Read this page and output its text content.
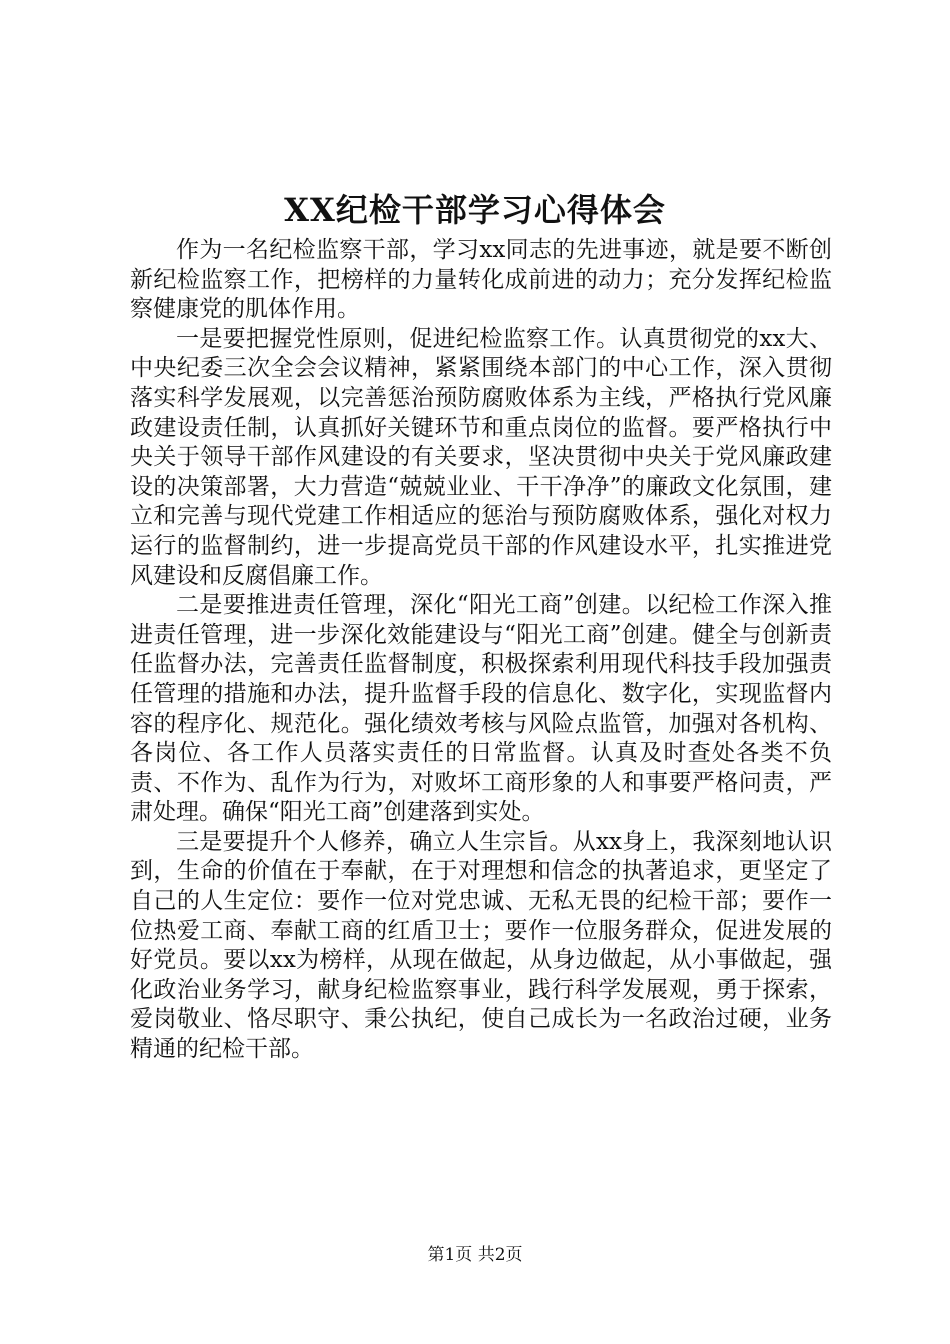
XX纪检干部学习心得体会

作为一名纪检监察干部，学习xx同志的先进事迹，就是要不断创新纪检监察工作，把榜样的力量转化成前进的动力；充分发挥纪检监察健康党的肌体作用。

一是要把握党性原则，促进纪检监察工作。认真贯彻党的xx大、中央纪委三次全会会议精神，紧紧围绕本部门的中心工作，深入贯彻落实科学发展观，以完善惩治预防腐败体系为主线，严格执行党风廉政建设责任制，认真抓好关键环节和重点岗位的监督。要严格执行中央关于领导干部作风建设的有关要求，坚决贯彻中央关于党风廉政建设的决策部署，大力营造“兢兢业业、干干净净”的廉政文化氛围，建立和完善与现代党建工作相适应的惩治与预防腐败体系，强化对权力运行的监督制约，进一步提高党员干部的作风建设水平，扎实推进党风建设和反腐倡廉工作。

二是要推进责任管理，深化“阳光工商”创建。以纪检工作深入推进责任管理，进一步深化效能建设与“阳光工商”创建。健全与创新责任监督办法，完善责任监督制度，积极探索利用现代科技手段加强责任管理的措施和办法，提升监督手段的信息化、数字化，实现监督内容的程序化、规范化。强化绩效考核与风险点监管，加强对各机构、各岗位、各工作人员落实责任的日常监督。认真及时查处各类不负责、不作为、乱作为行为，对败坏工商形象的人和事要严格问责，严肃处理。确保“阳光工商”创建落到实处。

三是要提升个人修养，确立人生宗旨。从xx身上，我深刻地认识到，生命的价值在于奉献，在于对理想和信念的执著追求，更坚定了自己的人生定位：要作一位对党忠诚、无私无畏的纪检干部；要作一位热爱工商、奉献工商的红盾卫士；要作一位服务群众，促进发展的好党员。要以xx为榜样，从现在做起，从身边做起，从小事做起，强化政治业务学习，献身纪检监察事业，践行科学发展观，勇于探索，爱岗敬业、恪尽职守、秉公执纪，使自己成长为一名政治过硬，业务精通的纪检干部。

第1页 共2页
